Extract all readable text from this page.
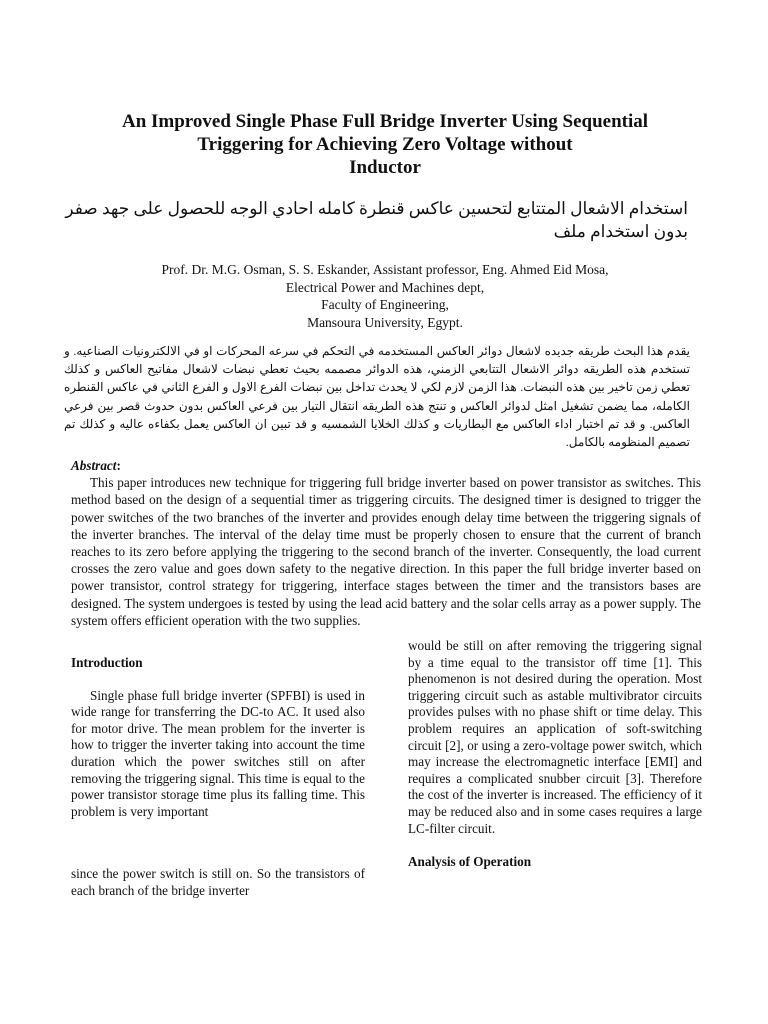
An Improved Single Phase Full Bridge Inverter Using Sequential
Triggering for Achieving Zero Voltage without
Inductor
استخدام الاشعال المتتابع لتحسين عاكس قنطرة كامله احادي الوجه للحصول على جهد صفر بدون استخدام ملف
Prof. Dr. M.G. Osman, S. S. Eskander, Assistant professor, Eng. Ahmed Eid Mosa,
Electrical Power and Machines dept,
Faculty of Engineering,
Mansoura University, Egypt.
يقدم هذا البحث طريقه جديده لاشعال دوائر العاكس المستخدمه في التحكم في سرعه المحركات او في الالكترونيات الصناعيه. و تستخدم هذه الطريقه دوائر الاشعال التتابعي الزمني، هذه الدوائر مصممه بحيث تعطي نبضات لاشعال مفاتيح العاكس و كذلك تعطي زمن تاخير بين هذه النبضات. هذا الزمن لازم لكي لا يحدث تداخل بين نبضات الفرع الاول و الفرع الثاني في عاكس القنطره الكامله، مما يضمن تشغيل امثل لدوائر العاكس و تنتج هذه الطريقه انتقال التيار بين فرعي العاكس بدون حدوث قصر بين فرعي العاكس. و قد تم اختبار اداء العاكس مع البطاريات و كذلك الخلايا الشمسيه و قد تبين ان العاكس يعمل بكفاءه عاليه و كذلك تم تصميم المنظومه بالكامل.
Abstract:

This paper introduces new technique for triggering full bridge inverter based on power transistor as switches. This method based on the design of a sequential timer as triggering circuits. The designed timer is designed to trigger the power switches of the two branches of the inverter and provides enough delay time between the triggering signals of the inverter branches. The interval of the delay time must be properly chosen to ensure that the current of branch reaches to its zero before applying the triggering to the second branch of the inverter. Consequently, the load current crosses the zero value and goes down safety to the negative direction. In this paper the full bridge inverter based on power transistor, control strategy for triggering, interface stages between the timer and the transistors bases are designed. The system undergoes is tested by using the lead acid battery and the solar cells array as a power supply. The system offers efficient operation with the two supplies.

Introduction

Single phase full bridge inverter (SPFBI) is used in wide range for transferring the DC-to AC. It used also for motor drive. The mean problem for the inverter is how to trigger the inverter taking into account the time duration which the power switches still on after removing the triggering signal. This time is equal to the power transistor storage time plus its falling time. This problem is very important

since the power switch is still on. So the transistors of each branch of the bridge inverter

would be still on after removing the triggering signal by a time equal to the transistor off time [1]. This phenomenon is not desired during the operation. Most triggering circuit such as astable multivibrator circuits provides pulses with no phase shift or time delay. This problem requires an application of soft-switching circuit [2], or using a zero-voltage power switch, which may increase the electromagnetic interface [EMI] and requires a complicated snubber circuit [3]. Therefore the cost of the inverter is increased. The efficiency of it may be reduced also and in some cases requires a large LC-filter circuit.

Analysis of Operation
